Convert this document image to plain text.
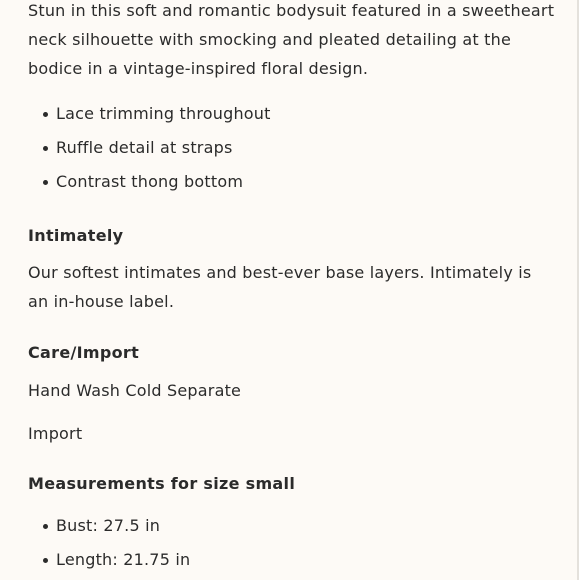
Stun in this soft and romantic bodysuit featured in a sweetheart neck silhouette with smocking and pleated detailing at the bodice in a vintage-inspired floral design.

Lace trimming throughout
Ruffle detail at straps
Contrast thong bottom
Intimately

Our softest intimates and best-ever base layers. Intimately is an in-house label.

Care/Import

Hand Wash Cold Separate

Import

Measurements for size small
Bust: 27.5 in
Length: 21.75 in
